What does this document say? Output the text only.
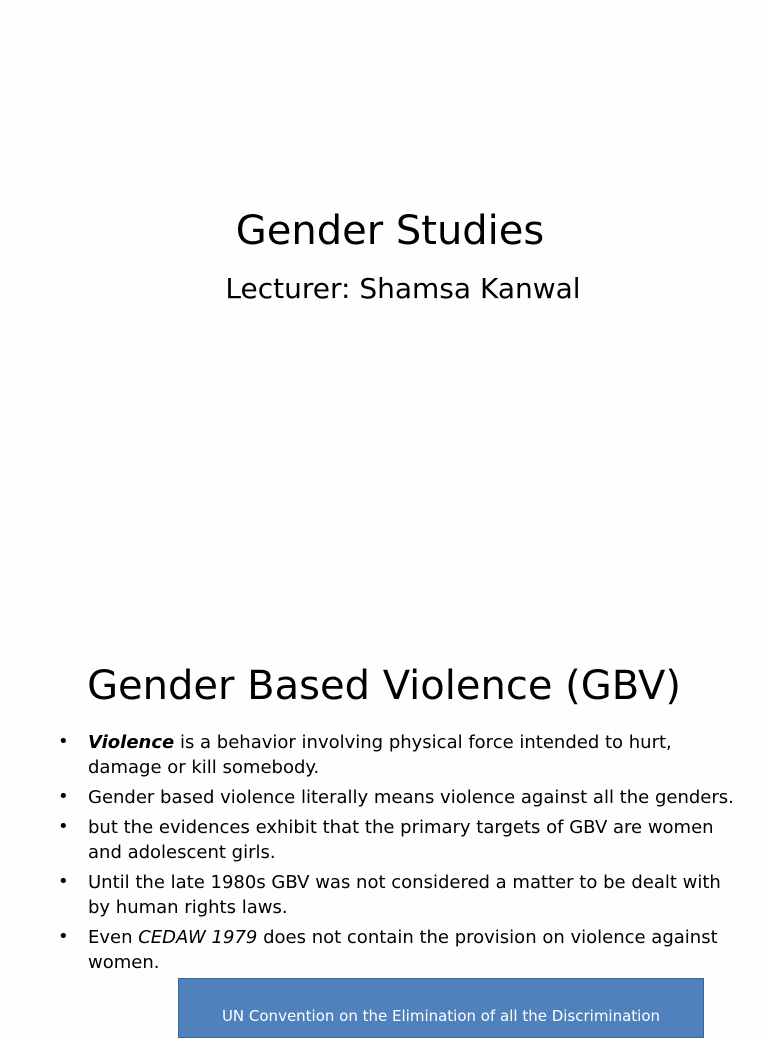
Gender Studies
Lecturer: Shamsa Kanwal
Gender Based Violence (GBV)
• Violence is a behavior involving physical force intended to hurt, damage or kill somebody.
• Gender based violence literally means violence against all the genders.
• but the evidences exhibit that the primary targets of GBV are women and adolescent girls.
• Until the late 1980s GBV was not considered a matter to be dealt with by human rights laws.
• Even CEDAW 1979 does not contain the provision on violence against women.
UN Convention on the Elimination of all the Discrimination
